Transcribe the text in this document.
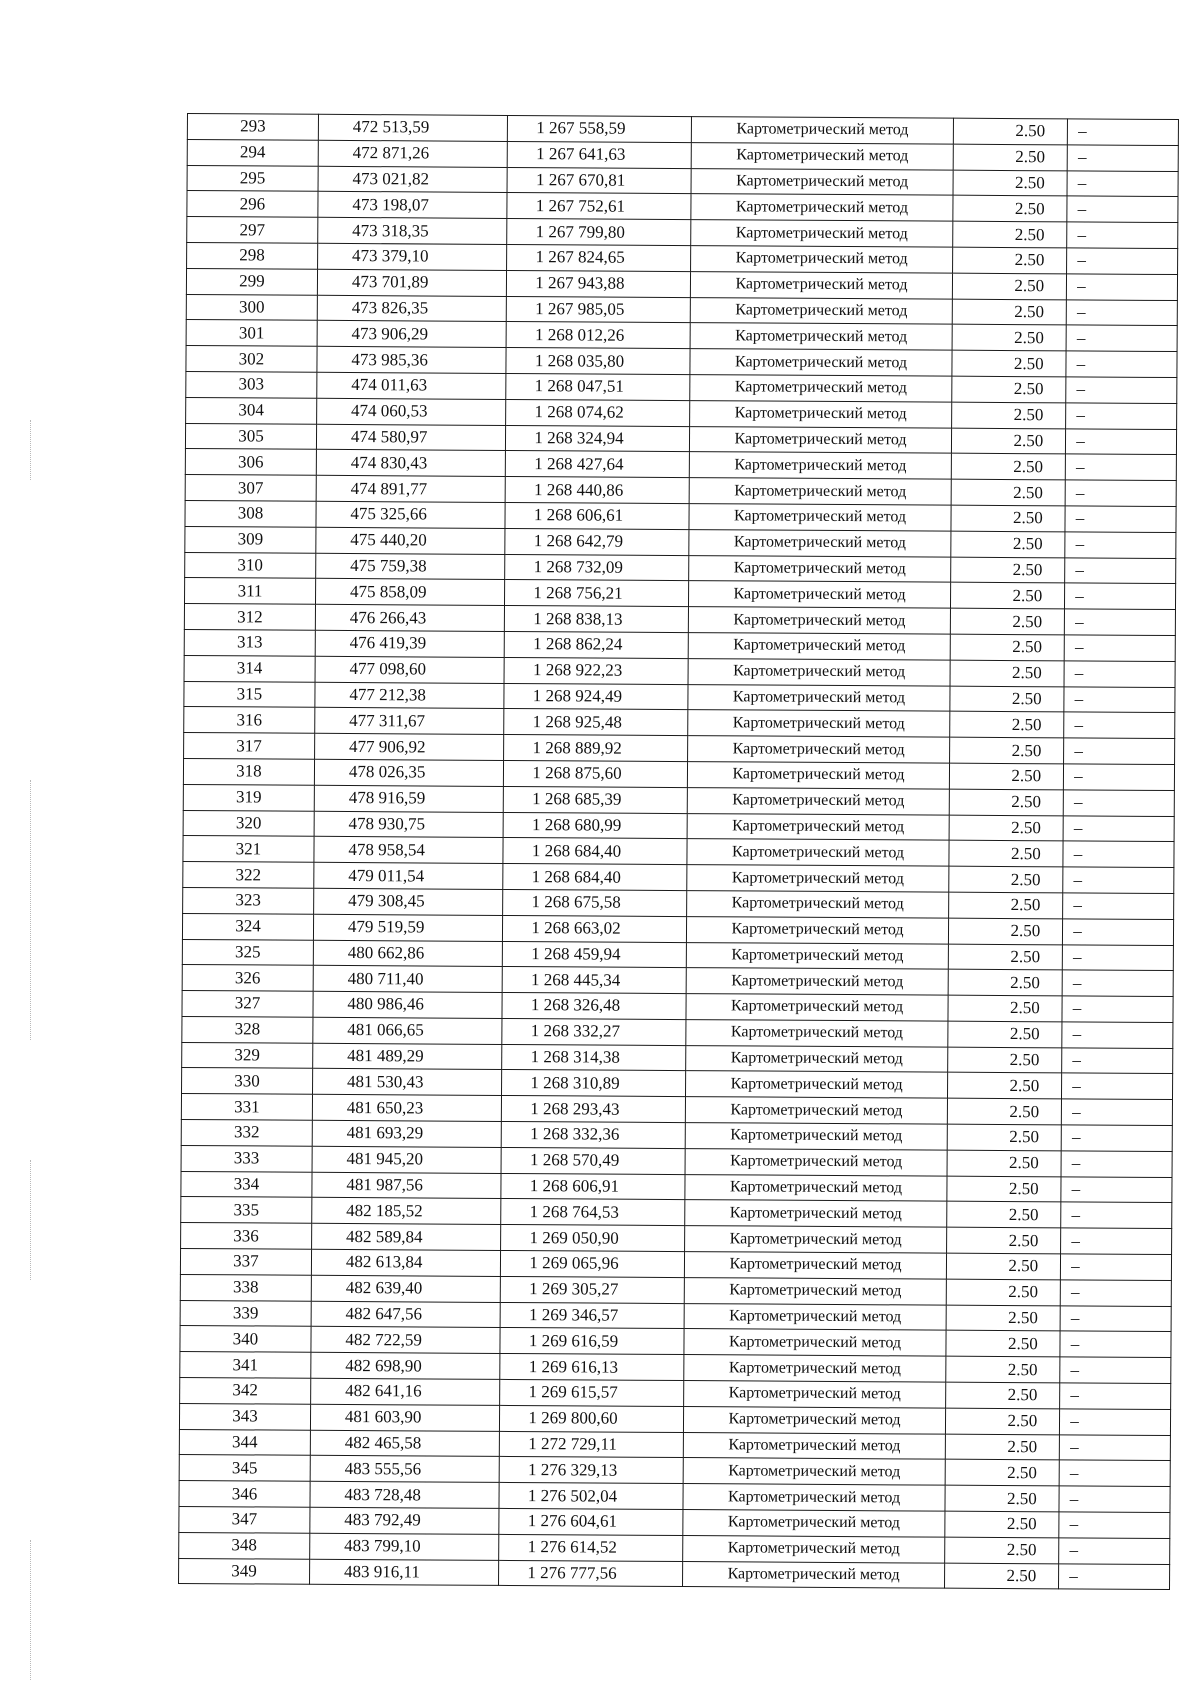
293	472 513,59	1 267 558,59	Картометрический метод	2.50	–
294	472 871,26	1 267 641,63	Картометрический метод	2.50	–
295	473 021,82	1 267 670,81	Картометрический метод	2.50	–
296	473 198,07	1 267 752,61	Картометрический метод	2.50	–
297	473 318,35	1 267 799,80	Картометрический метод	2.50	–
298	473 379,10	1 267 824,65	Картометрический метод	2.50	–
299	473 701,89	1 267 943,88	Картометрический метод	2.50	–
300	473 826,35	1 267 985,05	Картометрический метод	2.50	–
301	473 906,29	1 268 012,26	Картометрический метод	2.50	–
302	473 985,36	1 268 035,80	Картометрический метод	2.50	–
303	474 011,63	1 268 047,51	Картометрический метод	2.50	–
304	474 060,53	1 268 074,62	Картометрический метод	2.50	–
305	474 580,97	1 268 324,94	Картометрический метод	2.50	–
306	474 830,43	1 268 427,64	Картометрический метод	2.50	–
307	474 891,77	1 268 440,86	Картометрический метод	2.50	–
308	475 325,66	1 268 606,61	Картометрический метод	2.50	–
309	475 440,20	1 268 642,79	Картометрический метод	2.50	–
310	475 759,38	1 268 732,09	Картометрический метод	2.50	–
311	475 858,09	1 268 756,21	Картометрический метод	2.50	–
312	476 266,43	1 268 838,13	Картометрический метод	2.50	–
313	476 419,39	1 268 862,24	Картометрический метод	2.50	–
314	477 098,60	1 268 922,23	Картометрический метод	2.50	–
315	477 212,38	1 268 924,49	Картометрический метод	2.50	–
316	477 311,67	1 268 925,48	Картометрический метод	2.50	–
317	477 906,92	1 268 889,92	Картометрический метод	2.50	–
318	478 026,35	1 268 875,60	Картометрический метод	2.50	–
319	478 916,59	1 268 685,39	Картометрический метод	2.50	–
320	478 930,75	1 268 680,99	Картометрический метод	2.50	–
321	478 958,54	1 268 684,40	Картометрический метод	2.50	–
322	479 011,54	1 268 684,40	Картометрический метод	2.50	–
323	479 308,45	1 268 675,58	Картометрический метод	2.50	–
324	479 519,59	1 268 663,02	Картометрический метод	2.50	–
325	480 662,86	1 268 459,94	Картометрический метод	2.50	–
326	480 711,40	1 268 445,34	Картометрический метод	2.50	–
327	480 986,46	1 268 326,48	Картометрический метод	2.50	–
328	481 066,65	1 268 332,27	Картометрический метод	2.50	–
329	481 489,29	1 268 314,38	Картометрический метод	2.50	–
330	481 530,43	1 268 310,89	Картометрический метод	2.50	–
331	481 650,23	1 268 293,43	Картометрический метод	2.50	–
332	481 693,29	1 268 332,36	Картометрический метод	2.50	–
333	481 945,20	1 268 570,49	Картометрический метод	2.50	–
334	481 987,56	1 268 606,91	Картометрический метод	2.50	–
335	482 185,52	1 268 764,53	Картометрический метод	2.50	–
336	482 589,84	1 269 050,90	Картометрический метод	2.50	–
337	482 613,84	1 269 065,96	Картометрический метод	2.50	–
338	482 639,40	1 269 305,27	Картометрический метод	2.50	–
339	482 647,56	1 269 346,57	Картометрический метод	2.50	–
340	482 722,59	1 269 616,59	Картометрический метод	2.50	–
341	482 698,90	1 269 616,13	Картометрический метод	2.50	–
342	482 641,16	1 269 615,57	Картометрический метод	2.50	–
343	481 603,90	1 269 800,60	Картометрический метод	2.50	–
344	482 465,58	1 272 729,11	Картометрический метод	2.50	–
345	483 555,56	1 276 329,13	Картометрический метод	2.50	–
346	483 728,48	1 276 502,04	Картометрический метод	2.50	–
347	483 792,49	1 276 604,61	Картометрический метод	2.50	–
348	483 799,10	1 276 614,52	Картометрический метод	2.50	–
349	483 916,11	1 276 777,56	Картометрический метод	2.50	–
